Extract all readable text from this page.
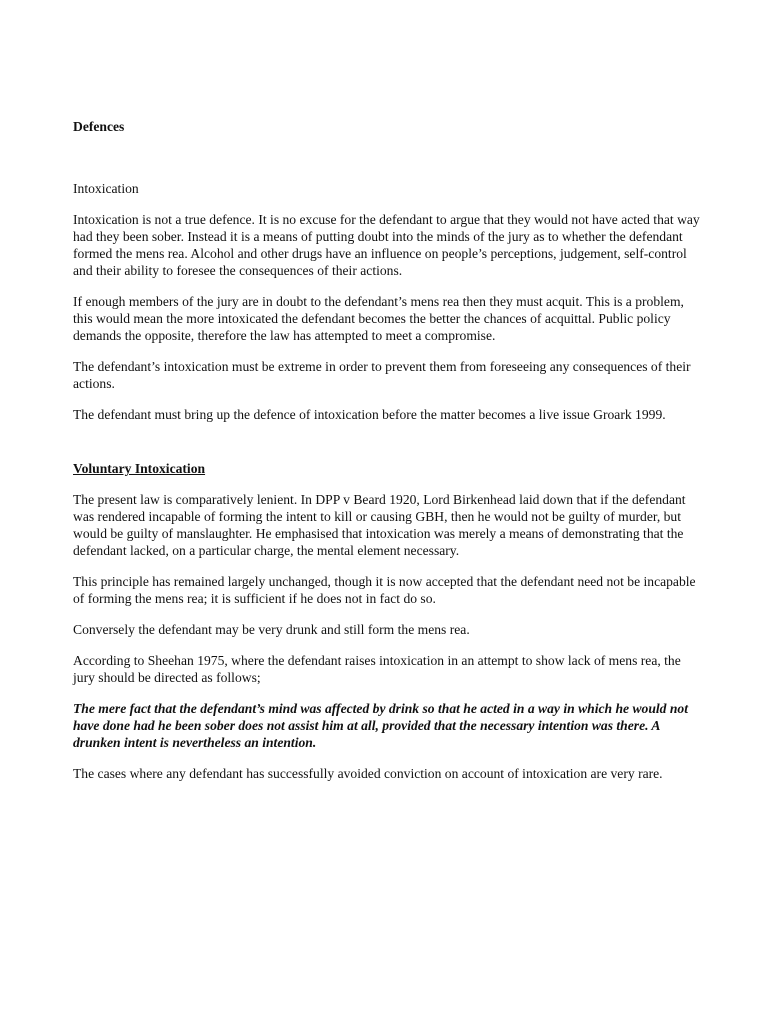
Defences

Intoxication

Intoxication is not a true defence. It is no excuse for the defendant to argue that they would not have acted that way had they been sober. Instead it is a means of putting doubt into the minds of the jury as to whether the defendant formed the mens rea. Alcohol and other drugs have an influence on people’s perceptions, judgement, self-control and their ability to foresee the consequences of their actions.

If enough members of the jury are in doubt to the defendant’s mens rea then they must acquit. This is a problem, this would mean the more intoxicated the defendant becomes the better the chances of acquittal. Public policy demands the opposite, therefore the law has attempted to meet a compromise.

The defendant’s intoxication must be extreme in order to prevent them from foreseeing any consequences of their actions.

The defendant must bring up the defence of intoxication before the matter becomes a live issue Groark 1999.

Voluntary Intoxication

The present law is comparatively lenient. In DPP v Beard 1920, Lord Birkenhead laid down that if the defendant was rendered incapable of forming the intent to kill or causing GBH, then he would not be guilty of murder, but would be guilty of manslaughter. He emphasised that intoxication was merely a means of demonstrating that the defendant lacked, on a particular charge, the mental element necessary.

This principle has remained largely unchanged, though it is now accepted that the defendant need not be incapable of forming the mens rea; it is sufficient if he does not in fact do so.

Conversely the defendant may be very drunk and still form the mens rea.

According to Sheehan 1975, where the defendant raises intoxication in an attempt to show lack of mens rea, the jury should be directed as follows;

The mere fact that the defendant’s mind was affected by drink so that he acted in a way in which he would not have done had he been sober does not assist him at all, provided that the necessary intention was there. A drunken intent is nevertheless an intention.

The cases where any defendant has successfully avoided conviction on account of intoxication are very rare.
